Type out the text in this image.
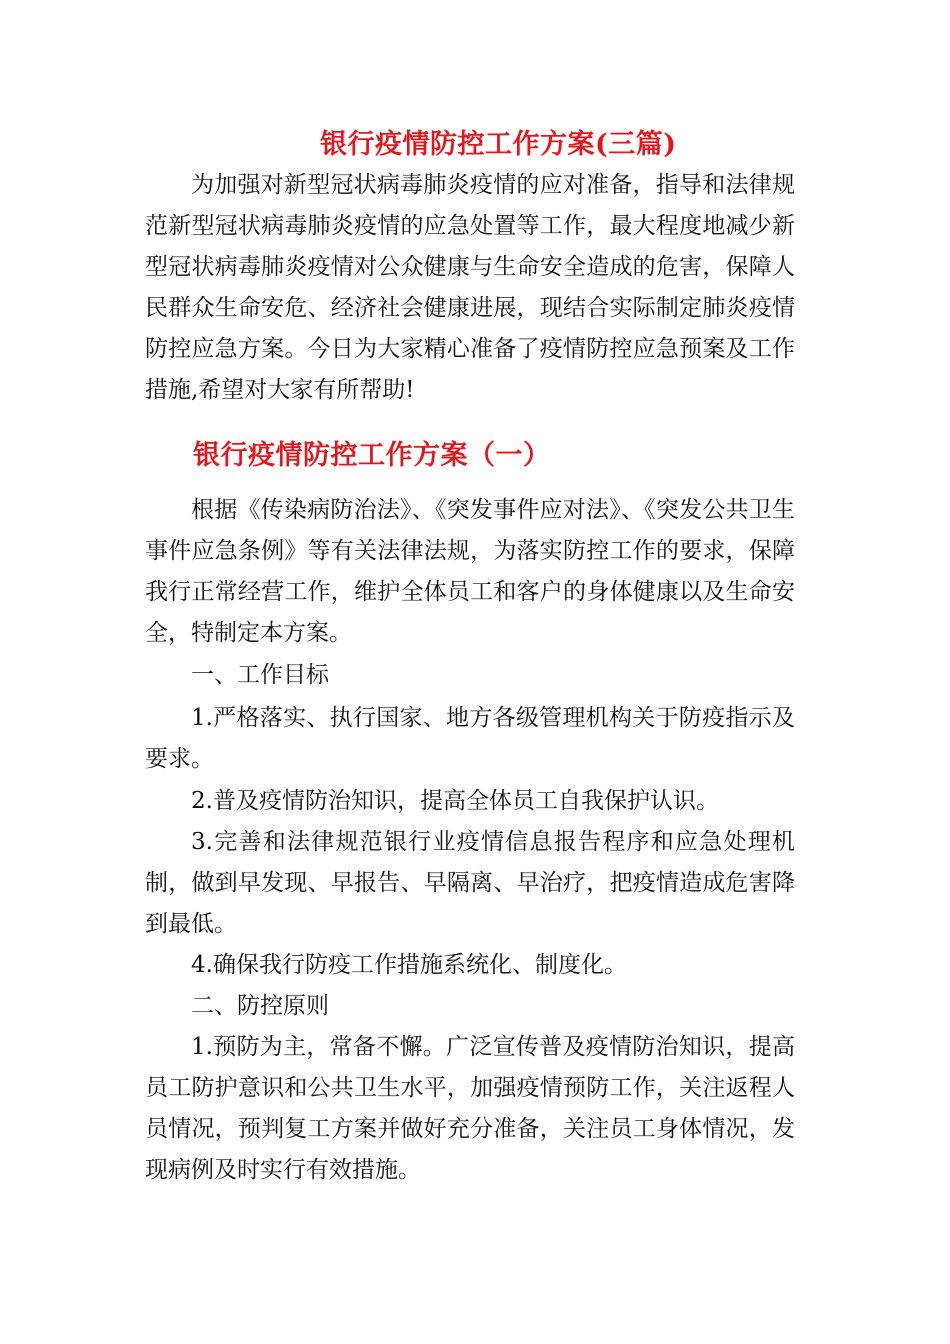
银行疫情防控工作方案(三篇)

为加强对新型冠状病毒肺炎疫情的应对准备，指导和法律规范新型冠状病毒肺炎疫情的应急处置等工作，最大程度地减少新型冠状病毒肺炎疫情对公众健康与生命安全造成的危害，保障人民群众生命安危、经济社会健康进展，现结合实际制定肺炎疫情防控应急方案。今日为大家精心准备了疫情防控应急预案及工作措施,希望对大家有所帮助!

银行疫情防控工作方案（一）

根据《传染病防治法》、《突发事件应对法》、《突发公共卫生事件应急条例》等有关法律法规，为落实防控工作的要求，保障我行正常经营工作，维护全体员工和客户的身体健康以及生命安全，特制定本方案。

一、工作目标

1.严格落实、执行国家、地方各级管理机构关于防疫指示及要求。

2.普及疫情防治知识，提高全体员工自我保护认识。

3.完善和法律规范银行业疫情信息报告程序和应急处理机制，做到早发现、早报告、早隔离、早治疗，把疫情造成危害降到最低。

4.确保我行防疫工作措施系统化、制度化。

二、防控原则

1.预防为主，常备不懈。广泛宣传普及疫情防治知识，提高员工防护意识和公共卫生水平，加强疫情预防工作，关注返程人员情况，预判复工方案并做好充分准备，关注员工身体情况，发现病例及时实行有效措施。
